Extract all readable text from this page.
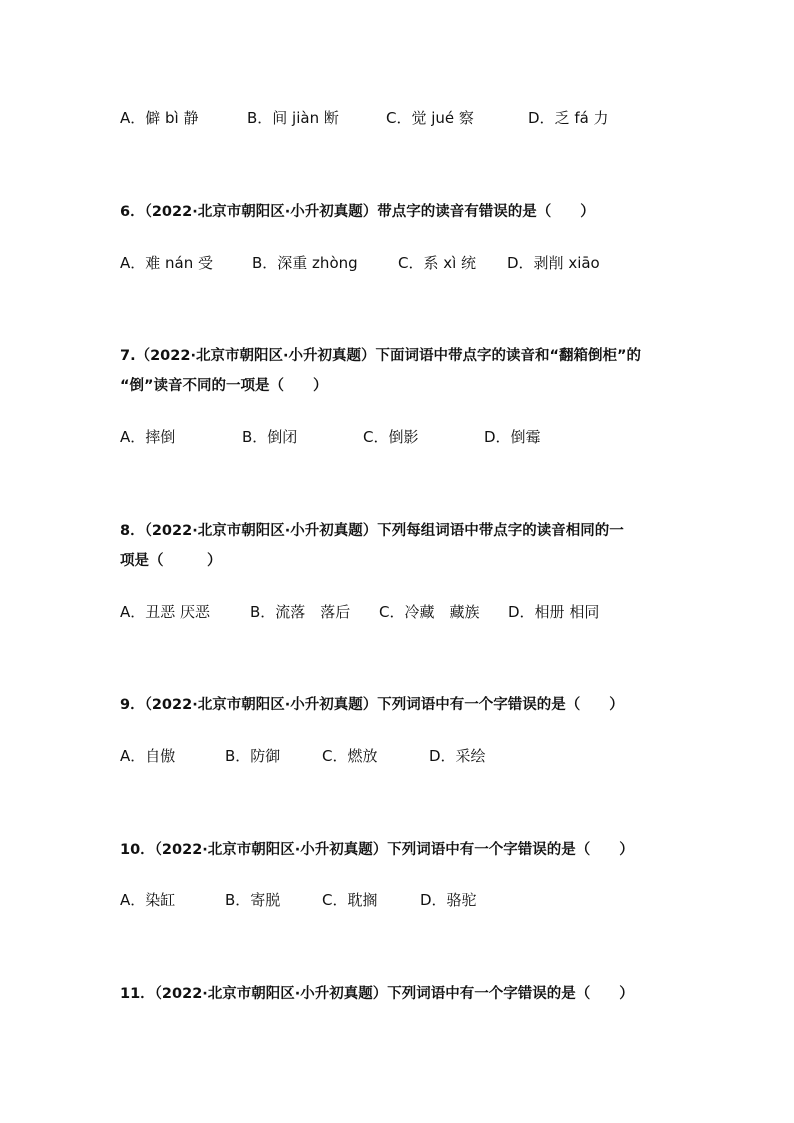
A．僻 bì 静	B．间 jiàn 断	C．觉 jué 察	D．乏 fá 力
6．（2022·北京市朝阳区·小升初真题）带点字的读音有错误的是（　　）
A．难 nán 受	B．深重 zhòng	C．系 xì 统 D．剥削 xiāo
7.（2022·北京市朝阳区·小升初真题）下面词语中带点字的读音和“翻箱倒柜”的
“倒”读音不同的一项是（　　）
A．摔倒	B．倒闭	C．倒影	D．倒霉
8．（2022·北京市朝阳区·小升初真题）下列每组词语中带点字的读音相同的一
项是（　　　）
A．丑恶 厌恶	B．流落　落后 C．冷藏　藏族 D．相册 相同
9．（2022·北京市朝阳区·小升初真题）下列词语中有一个字错误的是（　　）
A．自傲	B．防御	C．燃放	D．采绘
10．（2022·北京市朝阳区·小升初真题）下列词语中有一个字错误的是（　　）
A．染缸	B．寄脱	C．耽搁	D．骆驼
11．（2022·北京市朝阳区·小升初真题）下列词语中有一个字错误的是（　　）
